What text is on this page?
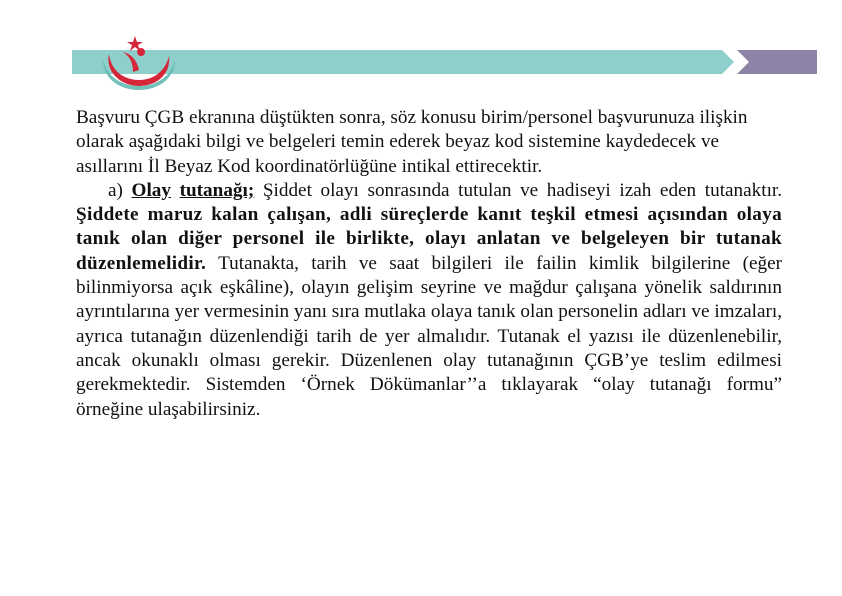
Başvuru ÇGB ekranına düştükten sonra, söz konusu birim/personel başvurunuza ilişkin olarak aşağıdaki bilgi ve belgeleri temin ederek beyaz kod sistemine kaydedecek ve asıllarını İl Beyaz Kod koordinatörlüğüne intikal ettirecektir.

a) Olay tutanağı; Şiddet olayı sonrasında tutulan ve hadiseyi izah eden tutanaktır. Şiddete maruz kalan çalışan, adli süreçlerde kanıt teşkil etmesi açısından olaya tanık olan diğer personel ile birlikte, olayı anlatan ve belgeleyen bir tutanak düzenlemelidir. Tutanakta, tarih ve saat bilgileri ile failin kimlik bilgilerine (eğer bilinmiyorsa açık eşkâline), olayın gelişim seyrine ve mağdur çalışana yönelik saldırının ayrıntılarına yer vermesinin yanı sıra mutlaka olaya tanık olan personelin adları ve imzaları, ayrıca tutanağın düzenlendiği tarih de yer almalıdır. Tutanak el yazısı ile düzenlenebilir, ancak okunaklı olması gerekir. Düzenlenen olay tutanağının ÇGB’ye teslim edilmesi gerekmektedir. Sistemden ‘Örnek Dökümanlar’’a tıklayarak “olay tutanağı formu” örneğine ulaşabilirsiniz.
